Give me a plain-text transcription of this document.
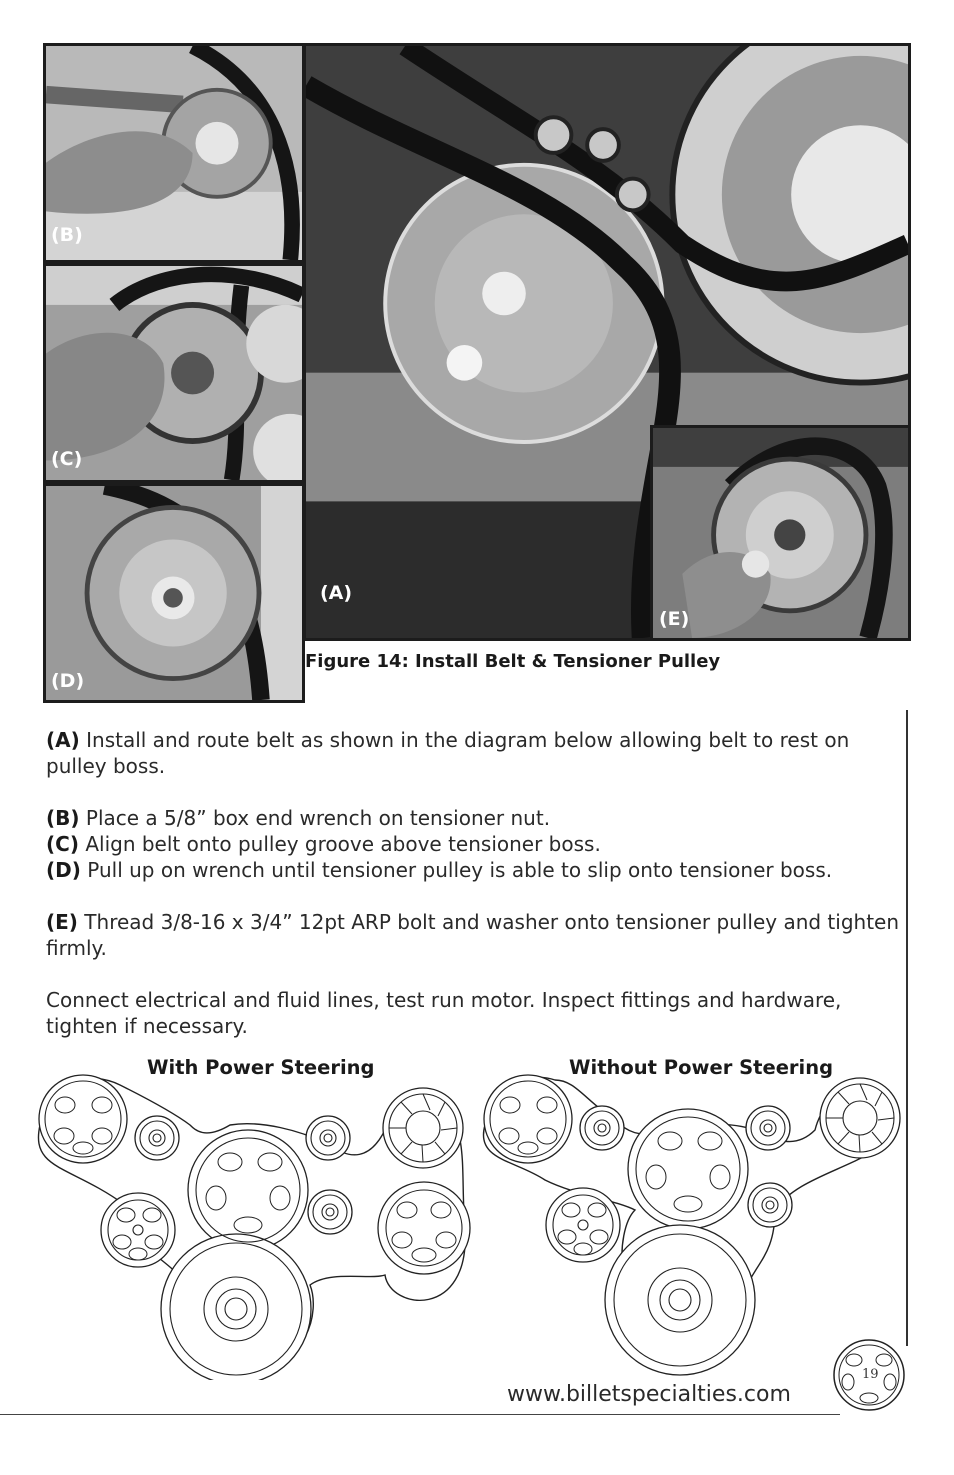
(A)
(B)
(C)
(D)
(E)
Figure 14: Install Belt & Tensioner Pulley

(A) Install and route belt as shown in the diagram below allowing belt to rest on pulley boss.

(B) Place a 5/8” box end wrench on tensioner nut.

(C) Align belt onto pulley groove above tensioner boss.

(D) Pull up on wrench until tensioner pulley is able to slip onto tensioner boss.

(E) Thread 3/8-16 x 3/4” 12pt ARP bolt and washer onto tensioner pulley and tighten firmly.

Connect electrical and fluid lines, test run motor. Inspect fittings and hardware, tighten if necessary.

With Power Steering	Without Power Steering
www.billetspecialties.com
19
